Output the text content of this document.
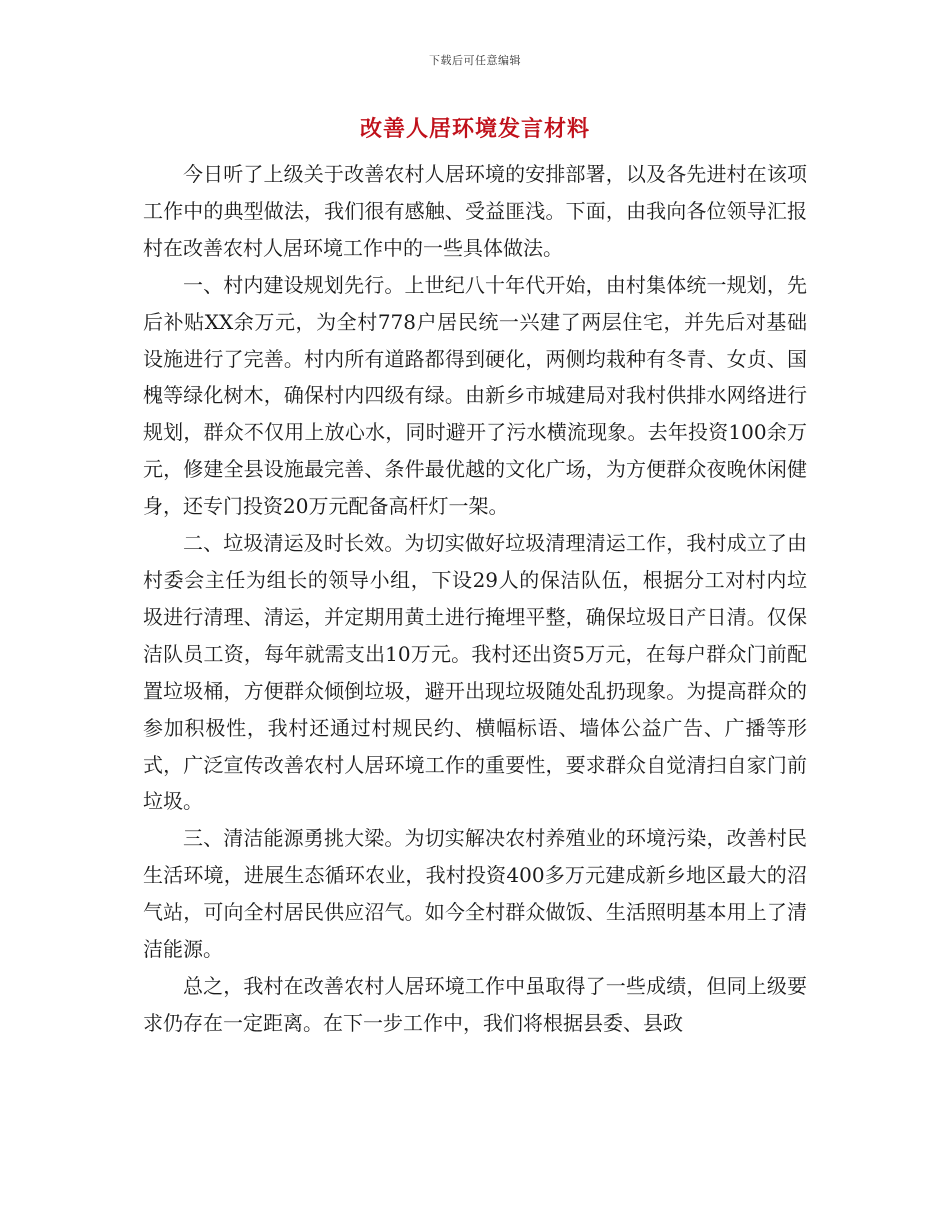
下载后可任意编辑
改善人居环境发言材料

今日听了上级关于改善农村人居环境的安排部署，以及各先进村在该项工作中的典型做法，我们很有感触、受益匪浅。下面，由我向各位领导汇报村在改善农村人居环境工作中的一些具体做法。

一、村内建设规划先行。上世纪八十年代开始，由村集体统一规划，先后补贴XX余万元，为全村778户居民统一兴建了两层住宅，并先后对基础设施进行了完善。村内所有道路都得到硬化，两侧均栽种有冬青、女贞、国槐等绿化树木，确保村内四级有绿。由新乡市城建局对我村供排水网络进行规划，群众不仅用上放心水，同时避开了污水横流现象。去年投资100余万元，修建全县设施最完善、条件最优越的文化广场，为方便群众夜晚休闲健身，还专门投资20万元配备高杆灯一架。

二、垃圾清运及时长效。为切实做好垃圾清理清运工作，我村成立了由村委会主任为组长的领导小组，下设29人的保洁队伍，根据分工对村内垃圾进行清理、清运，并定期用黄土进行掩埋平整，确保垃圾日产日清。仅保洁队员工资，每年就需支出10万元。我村还出资5万元，在每户群众门前配置垃圾桶，方便群众倾倒垃圾，避开出现垃圾随处乱扔现象。为提高群众的参加积极性，我村还通过村规民约、横幅标语、墙体公益广告、广播等形式，广泛宣传改善农村人居环境工作的重要性，要求群众自觉清扫自家门前垃圾。

三、清洁能源勇挑大梁。为切实解决农村养殖业的环境污染，改善村民生活环境，进展生态循环农业，我村投资400多万元建成新乡地区最大的沼气站，可向全村居民供应沼气。如今全村群众做饭、生活照明基本用上了清洁能源。

总之，我村在改善农村人居环境工作中虽取得了一些成绩，但同上级要求仍存在一定距离。在下一步工作中，我们将根据县委、县政
